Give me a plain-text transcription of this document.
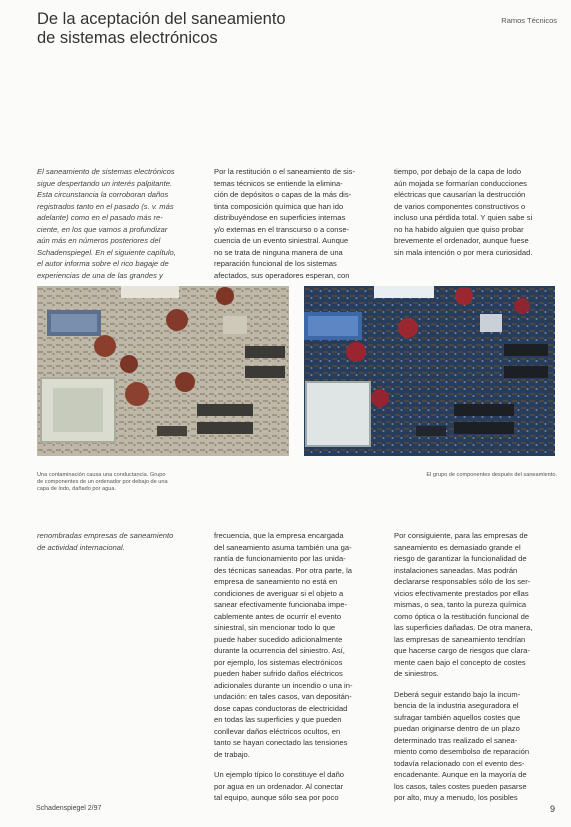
De la aceptación del saneamiento de sistemas electrónicos
Ramos Técnicos

El saneamiento de sistemas electrónicos
sigue despertando un interés palpitante.
Esta circunstancia la corroboran daños
registrados tanto en el pasado (s. v. más
adelante) como en el pasado más re-
ciente, en los que vamos a profundizar
aún más en números posteriores del
Schadenspiegel. En el siguiente capítulo,
el autor informa sobre el rico bagaje de
experiencias de una de las grandes y

Por la restitución o el saneamiento de sis-
temas técnicos se entiende la elimina-
ción de depósitos o capas de la más dis-
tinta composición química que han ido
distribuyéndose en superficies internas
y/o externas en el transcurso o a conse-
cuencia de un evento siniestral. Aunque
no se trata de ninguna manera de una
reparación funcional de los sistemas
afectados, sus operadores esperan, con

tiempo, por debajo de la capa de lodo
aún mojada se formarían conducciones
eléctricas que causarían la destrucción
de varios componentes constructivos o
incluso una pérdida total. Y quien sabe si
no ha habido alguien que quiso probar
brevemente el ordenador, aunque fuese
sin mala intención o por mera curiosidad.

Una contaminación causa una conductancia. Grupo
de componentes de un ordenador por debajo de una
capa de lodo, dañado por agua.
El grupo de componentes después del saneamiento.

renombradas empresas de saneamiento
de actividad internacional.

frecuencia, que la empresa encargada
del saneamiento asuma también una ga-
rantía de funcionamiento por las unida-
des técnicas saneadas. Por otra parte, la
empresa de saneamiento no está en
condiciones de averiguar si el objeto a
sanear efectivamente funcionaba impe-
cablemente antes de ocurrir el evento
siniestral, sin mencionar todo lo que
puede haber sucedido adicionalmente
durante la ocurrencia del siniestro. Así,
por ejemplo, los sistemas electrónicos
pueden haber sufrido daños eléctricos
adicionales durante un incendio o una in-
undación: en tales casos, van depositán-
dose capas conductoras de electricidad
en todas las superficies y que pueden
conllevar daños eléctricos ocultos, en
tanto se hayan conectado las tensiones
de trabajo.

Un ejemplo típico lo constituye el daño
por agua en un ordenador. Al conectar
tal equipo, aunque sólo sea por poco

Por consiguiente, para las empresas de
saneamiento es demasiado grande el
riesgo de garantizar la funcionalidad de
instalaciones saneadas. Mas podrán
declararse responsables sólo de los ser-
vicios efectivamente prestados por ellas
mismas, o sea, tanto la pureza química
como óptica o la restitución funcional de
las superficies dañadas. De otra manera,
las empresas de saneamiento tendrían
que hacerse cargo de riesgos que clara-
mente caen bajo el concepto de costes
de siniestros.

Deberá seguir estando bajo la incum-
bencia de la industria aseguradora el
sufragar también aquellos costes que
puedan originarse dentro de un plazo
determinado tras realizado el sanea-
miento como desembolso de reparación
todavía relacionado con el evento des-
encadenante. Aunque en la mayoría de
los casos, tales costes pueden pasarse
por alto, muy a menudo, los posibles

Schadenspiegel 2/97	9
